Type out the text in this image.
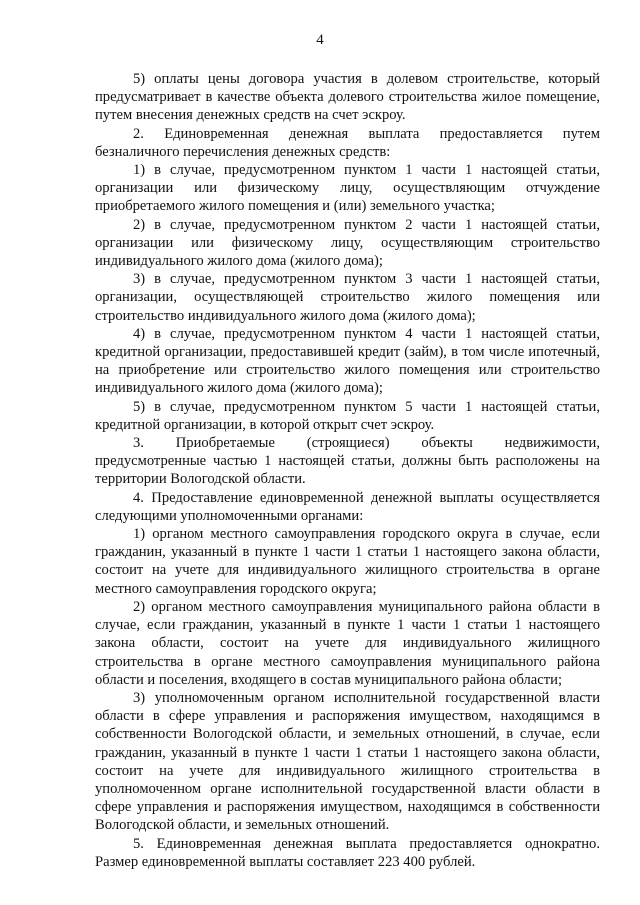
4

5) оплаты цены договора участия в долевом строительстве, который предусматривает в качестве объекта долевого строительства жилое помещение, путем внесения денежных средств на счет эскроу.

2. Единовременная денежная выплата предоставляется путем безналичного перечисления денежных средств:

1) в случае, предусмотренном пунктом 1 части 1 настоящей статьи, организации или физическому лицу, осуществляющим отчуждение приобретаемого жилого помещения и (или) земельного участка;

2) в случае, предусмотренном пунктом 2 части 1 настоящей статьи, организации или физическому лицу, осуществляющим строительство индивидуального жилого дома (жилого дома);

3) в случае, предусмотренном пунктом 3 части 1 настоящей статьи, организации, осуществляющей строительство жилого помещения или строительство индивидуального жилого дома (жилого дома);

4) в случае, предусмотренном пунктом 4 части 1 настоящей статьи, кредитной организации, предоставившей кредит (займ), в том числе ипотечный, на приобретение или строительство жилого помещения или строительство индивидуального жилого дома (жилого дома);

5) в случае, предусмотренном пунктом 5 части 1 настоящей статьи, кредитной организации, в которой открыт счет эскроу.

3. Приобретаемые (строящиеся) объекты недвижимости, предусмотренные частью 1 настоящей статьи, должны быть расположены на территории Вологодской области.

4. Предоставление единовременной денежной выплаты осуществляется следующими уполномоченными органами:

1) органом местного самоуправления городского округа в случае, если гражданин, указанный в пункте 1 части 1 статьи 1 настоящего закона области, состоит на учете для индивидуального жилищного строительства в органе местного самоуправления городского округа;

2) органом местного самоуправления муниципального района области в случае, если гражданин, указанный в пункте 1 части 1 статьи 1 настоящего закона области, состоит на учете для индивидуального жилищного строительства в органе местного самоуправления муниципального района области и поселения, входящего в состав муниципального района области;

3) уполномоченным органом исполнительной государственной власти области в сфере управления и распоряжения имуществом, находящимся в собственности Вологодской области, и земельных отношений, в случае, если гражданин, указанный в пункте 1 части 1 статьи 1 настоящего закона области, состоит на учете для индивидуального жилищного строительства в уполномоченном органе исполнительной государственной власти области в сфере управления и распоряжения имуществом, находящимся в собственности Вологодской области, и земельных отношений.

5. Единовременная денежная выплата предоставляется однократно. Размер единовременной выплаты составляет 223 400 рублей.
